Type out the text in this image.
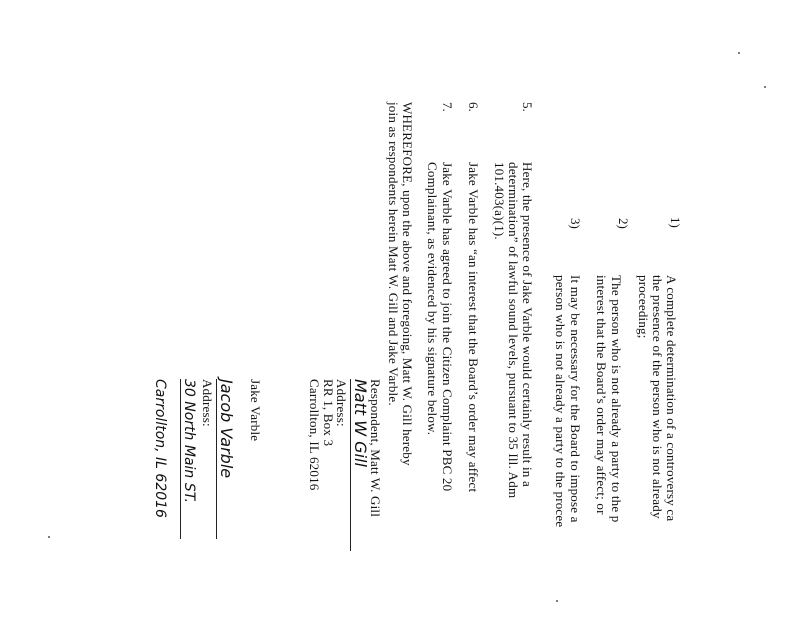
1)
A complete determination of a controversy ca
the presence of the person who is not already
proceeding;
2)
The person who is not already a party to the p
interest that the Board’s order may affect; or
3)
It may be necessary for the Board to impose a
person who is not already a party to the procee
5.
Here, the presence of Jake Varble would certainly result in a
determination” of lawful sound levels, pursuant to 35 Ill. Adm
101.403(a)(1).
6.
Jake Varble has “an interest that the Board’s order may affect
7.
Jake Varble has agreed to join the Citizen Complaint PBC 20
Complainant, as evidenced by his signature below.
WHEREFORE, upon the above and foregoing, Matt W. Gill hereby
join as respondents herein Matt W. Gill and Jake Varble.
Respondent, Matt W. Gill
Matt W Gill
Address:
RR 1, Box 3
Carrollton, IL 62016
Jake Varble
Jacob Varble
Address:
30 North Main ST.
Carrollton, IL 62016
